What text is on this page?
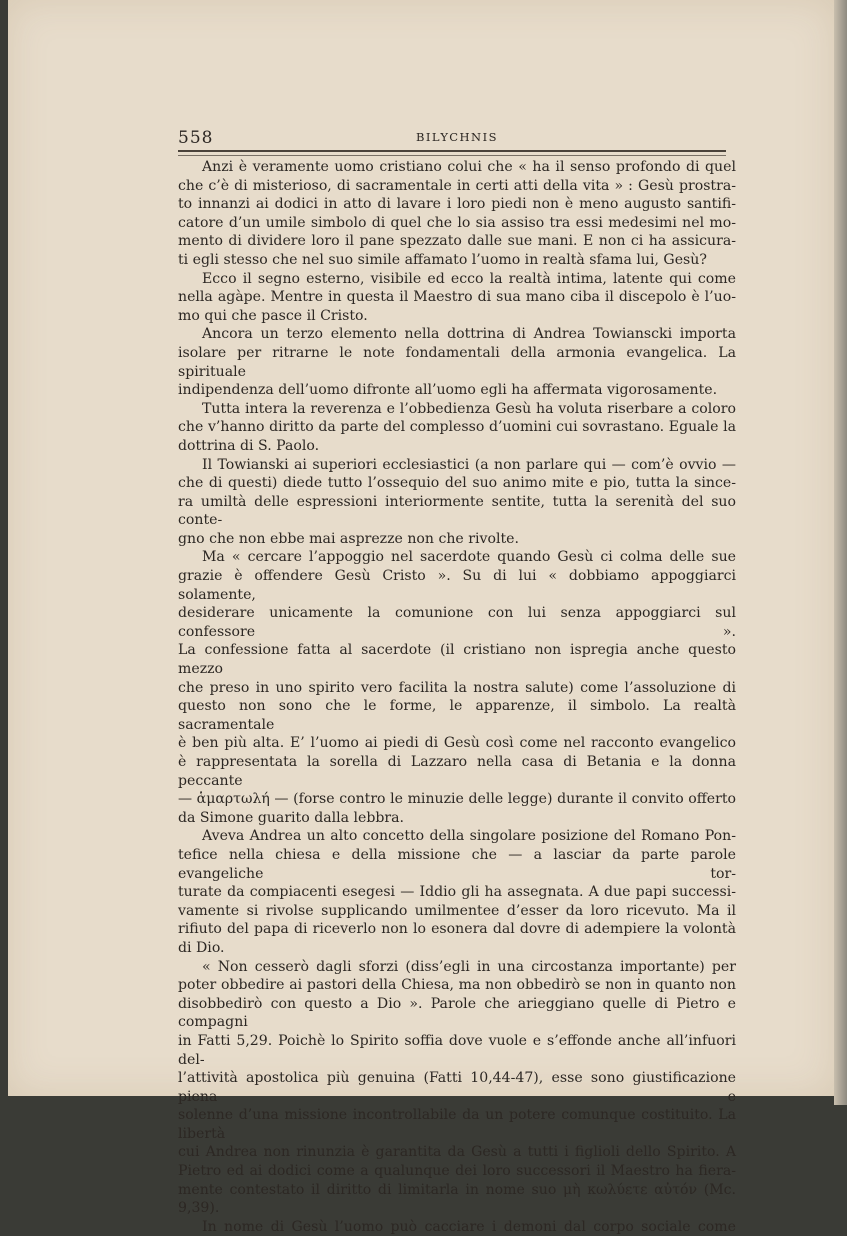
558	BILYCHNIS

Anzi è veramente uomo cristiano colui che « ha il senso profondo di quel

che c’è di misterioso, di sacramentale in certi atti della vita » : Gesù prostra-

to innanzi ai dodici in atto di lavare i loro piedi non è meno augusto santifi-

catore d’un umile simbolo di quel che lo sia assiso tra essi medesimi nel mo-

mento di dividere loro il pane spezzato dalle sue mani. E non ci ha assicura-

ti egli stesso che nel suo simile affamato l’uomo in realtà sfama lui, Gesù?

Ecco il segno esterno, visibile ed ecco la realtà intima, latente qui come

nella agàpe. Mentre in questa il Maestro di sua mano ciba il discepolo è l’uo-

mo qui che pasce il Cristo.

Ancora un terzo elemento nella dottrina di Andrea Towianscki importa

isolare per ritrarne le note fondamentali della armonia evangelica. La spirituale

indipendenza dell’uomo difronte all’uomo egli ha affermata vigorosamente.

Tutta intera la reverenza e l’obbedienza Gesù ha voluta riserbare a coloro

che v’hanno diritto da parte del complesso d’uomini cui sovrastano. Eguale la

dottrina di S. Paolo.

Il Towianski ai superiori ecclesiastici (a non parlare qui — com’è ovvio —

che di questi) diede tutto l’ossequio del suo animo mite e pio, tutta la since-

ra umiltà delle espressioni interiormente sentite, tutta la serenità del suo conte-

gno che non ebbe mai asprezze non che rivolte.

Ma « cercare l’appoggio nel sacerdote quando Gesù ci colma delle sue

grazie è offendere Gesù Cristo ». Su di lui « dobbiamo appoggiarci solamente,

desiderare unicamente la comunione con lui senza appoggiarci sul confessore ».

La confessione fatta al sacerdote (il cristiano non ispregia anche questo mezzo

che preso in uno spirito vero facilita la nostra salute) come l’assoluzione di

questo non sono che le forme, le apparenze, il simbolo. La realtà sacramentale

è ben più alta. E’ l’uomo ai piedi di Gesù così come nel racconto evangelico

è rappresentata la sorella di Lazzaro nella casa di Betania e la donna peccante

— ἁμαρτωλή — (forse contro le minuzie delle legge) durante il convito offerto

da Simone guarito dalla lebbra.

Aveva Andrea un alto concetto della singolare posizione del Romano Pon-

tefice nella chiesa e della missione che — a lasciar da parte parole evangeliche tor-

turate da compiacenti esegesi — Iddio gli ha assegnata. A due papi successi-

vamente si rivolse supplicando umilmentee d’esser da loro ricevuto. Ma il

rifiuto del papa di riceverlo non lo esonera dal dovre di adempiere la volontà

di Dio.

« Non cesserò dagli sforzi (diss’egli in una circostanza importante) per

poter obbedire ai pastori della Chiesa, ma non obbedirò se non in quanto non

disobbedirò con questo a Dio ». Parole che arieggiano quelle di Pietro e compagni

in Fatti 5,29. Poichè lo Spirito soffia dove vuole e s’effonde anche all’infuori del-

l’attività apostolica più genuina (Fatti 10,44-47), esse sono giustificazione piena e

solenne d’una missione incontrollabile da un potere comunque costituito. La libertà

cui Andrea non rinunzia è garantita da Gesù a tutti i figlioli dello Spirito. A

Pietro ed ai dodici come a qualunque dei loro successori il Maestro ha fiera-

mente contestato il diritto di limitarla in nome suo μὴ κωλύετε αὐτόν (Mc. 9,39).

In nome di Gesù l’uomo può cacciare i demoni dal corpo sociale come
